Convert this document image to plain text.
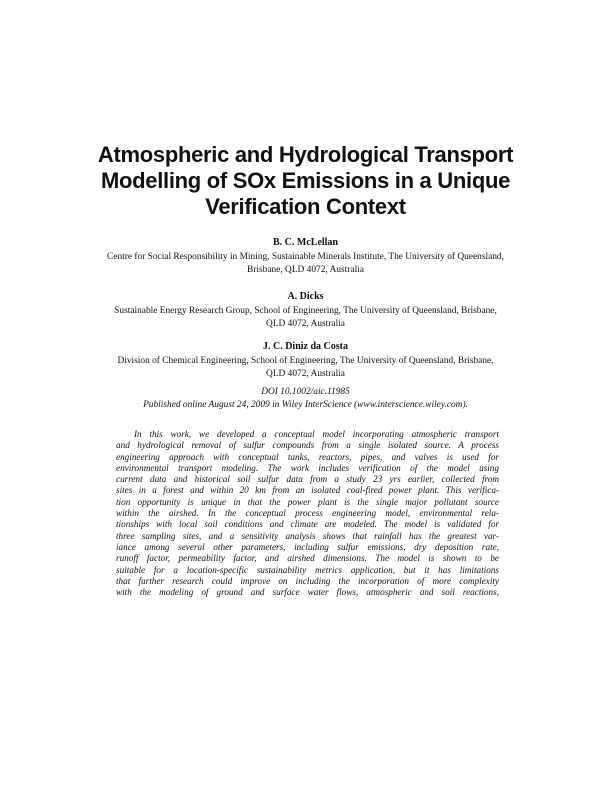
Atmospheric and Hydrological Transport
Modelling of SOx Emissions in a Unique
Verification Context
B. C. McLellan
Centre for Social Responsibility in Mining, Sustainable Minerals Institute, The University of Queensland,
Brisbane, QLD 4072, Australia
A. Dicks
Sustainable Energy Research Group, School of Engineering, The University of Queensland, Brisbane,
QLD 4072, Australia
J. C. Diniz da Costa
Division of Chemical Engineering, School of Engineering, The University of Queensland, Brisbane,
QLD 4072, Australia
DOI 10.1002/aic.11985
Published online August 24, 2009 in Wiley InterScience (www.interscience.wiley.com).
In this work, we developed a conceptual model incorporating atmospheric transport
and hydrological removal of sulfur compounds from a single isolated source. A process
engineering approach with conceptual tanks, reactors, pipes, and valves is used for
environmental transport modeling. The work includes verification of the model using
current data and historical soil sulfur data from a study 23 yrs earlier, collected from
sites in a forest and within 20 km from an isolated coal-fired power plant. This verifica-
tion opportunity is unique in that the power plant is the single major pollutant source
within the airshed. In the conceptual process engineering model, environmental rela-
tionships with local soil conditions and climate are modeled. The model is validated for
three sampling sites, and a sensitivity analysis shows that rainfall has the greatest var-
iance among several other parameters, including sulfur emissions, dry deposition rate,
runoff factor, permeability factor, and airshed dimensions. The model is shown to be
suitable for a location-specific sustainability metrics application, but it has limitations
that further research could improve on including the incorporation of more complexity
with the modeling of ground and surface water flows, atmospheric and soil reactions,
